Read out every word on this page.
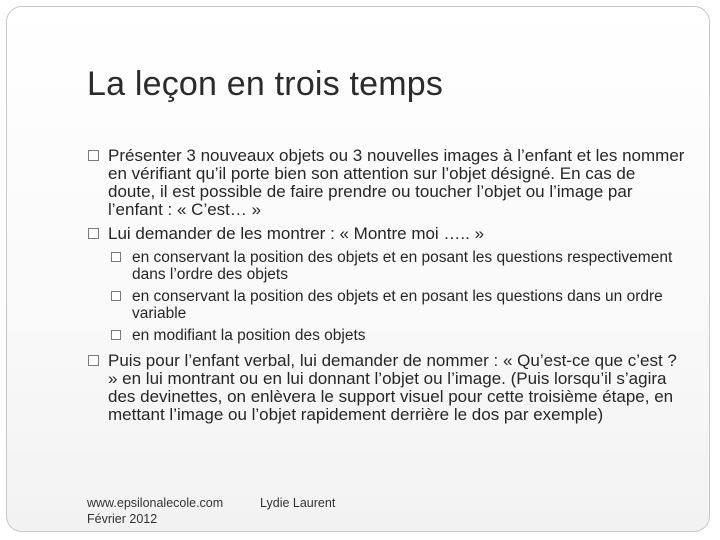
La leçon en trois temps
Présenter 3 nouveaux objets ou 3 nouvelles images à l’enfant et les nommer en vérifiant qu’il porte bien son attention sur l’objet désigné. En cas de doute, il est possible de faire prendre ou toucher l’objet ou l’image par l’enfant : « C’est… »
Lui demander de les montrer : « Montre moi ….. »
en conservant la position des objets et en posant les questions respectivement dans l’ordre des objets
en conservant la position des objets et en posant les questions dans un ordre variable
en modifiant la position des objets
Puis pour l’enfant verbal, lui demander de nommer : « Qu’est-ce que c’est ? » en lui montrant ou en lui donnant l’objet ou l’image. (Puis lorsqu’il s’agira des devinettes, on enlèvera le support visuel pour cette troisième étape, en mettant l’image ou l’objet rapidement derrière le dos par exemple)
www.epsilonalecole.com
Février 2012
Lydie Laurent
